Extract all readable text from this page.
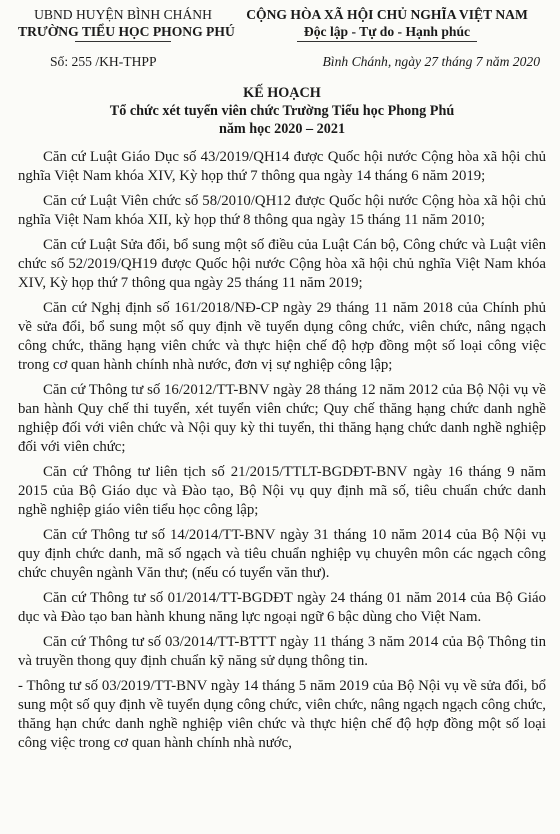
UBND HUYỆN BÌNH CHÁNH
TRƯỜNG TIỂU HỌC PHONG PHÚ
CỘNG HÒA XÃ HỘI CHỦ NGHĨA VIỆT NAM
Độc lập - Tự do - Hạnh phúc
Số: 255 /KH-THPP	Bình Chánh, ngày 27 tháng 7 năm 2020
KẾ HOẠCH
Tổ chức xét tuyển viên chức Trường Tiểu học Phong Phú
năm học 2020 – 2021

Căn cứ Luật Giáo Dục số 43/2019/QH14 được Quốc hội nước Cộng hòa xã hội chủ nghĩa Việt Nam khóa XIV, Kỳ họp thứ 7 thông qua ngày 14 tháng 6 năm 2019;

Căn cứ Luật Viên chức số 58/2010/QH12 được Quốc hội nước Cộng hòa xã hội chủ nghĩa Việt Nam khóa XII, kỳ họp thứ 8 thông qua ngày 15 tháng 11 năm 2010;

Căn cứ Luật Sửa đổi, bổ sung một số điều của Luật Cán bộ, Công chức và Luật viên chức số 52/2019/QH19 được Quốc hội nước Cộng hòa xã hội chủ nghĩa Việt Nam khóa XIV, Kỳ họp thứ 7 thông qua ngày 25 tháng 11 năm 2019;

Căn cứ Nghị định số 161/2018/NĐ-CP ngày 29 tháng 11 năm 2018 của Chính phủ về sửa đổi, bổ sung một số quy định về tuyển dụng công chức, viên chức, nâng ngạch công chức, thăng hạng viên chức và thực hiện chế độ hợp đồng một số loại công việc trong cơ quan hành chính nhà nước, đơn vị sự nghiệp công lập;

Căn cứ Thông tư số 16/2012/TT-BNV ngày 28 tháng 12 năm 2012 của Bộ Nội vụ về ban hành Quy chế thi tuyển, xét tuyển viên chức; Quy chế thăng hạng chức danh nghề nghiệp đối với viên chức và Nội quy kỳ thi tuyển, thi thăng hạng chức danh nghề nghiệp đối với viên chức;

Căn cứ Thông tư liên tịch số 21/2015/TTLT-BGDĐT-BNV ngày 16 tháng 9 năm 2015 của Bộ Giáo dục và Đào tạo, Bộ Nội vụ quy định mã số, tiêu chuẩn chức danh nghề nghiệp giáo viên tiểu học công lập;

Căn cứ Thông tư số 14/2014/TT-BNV ngày 31 tháng 10 năm 2014 của Bộ Nội vụ quy định chức danh, mã số ngạch và tiêu chuẩn nghiệp vụ chuyên môn các ngạch công chức chuyên ngành Văn thư; (nếu có tuyển văn thư).

Căn cứ Thông tư số 01/2014/TT-BGDĐT ngày 24 tháng 01 năm 2014 của Bộ Giáo dục và Đào tạo ban hành khung năng lực ngoại ngữ 6 bậc dùng cho Việt Nam.

Căn cứ Thông tư số 03/2014/TT-BTTT ngày 11 tháng 3 năm 2014 của Bộ Thông tin và truyền thong quy định chuẩn kỹ năng sử dụng thông tin.

- Thông tư số 03/2019/TT-BNV ngày 14 tháng 5 năm 2019 của Bộ Nội vụ về sửa đổi, bổ sung một số quy định về tuyển dụng công chức, viên chức, nâng ngạch ngạch công chức, thăng hạn chức danh nghề nghiệp viên chức và thực hiện chế độ hợp đồng một số loại công việc trong cơ quan hành chính nhà nước,
